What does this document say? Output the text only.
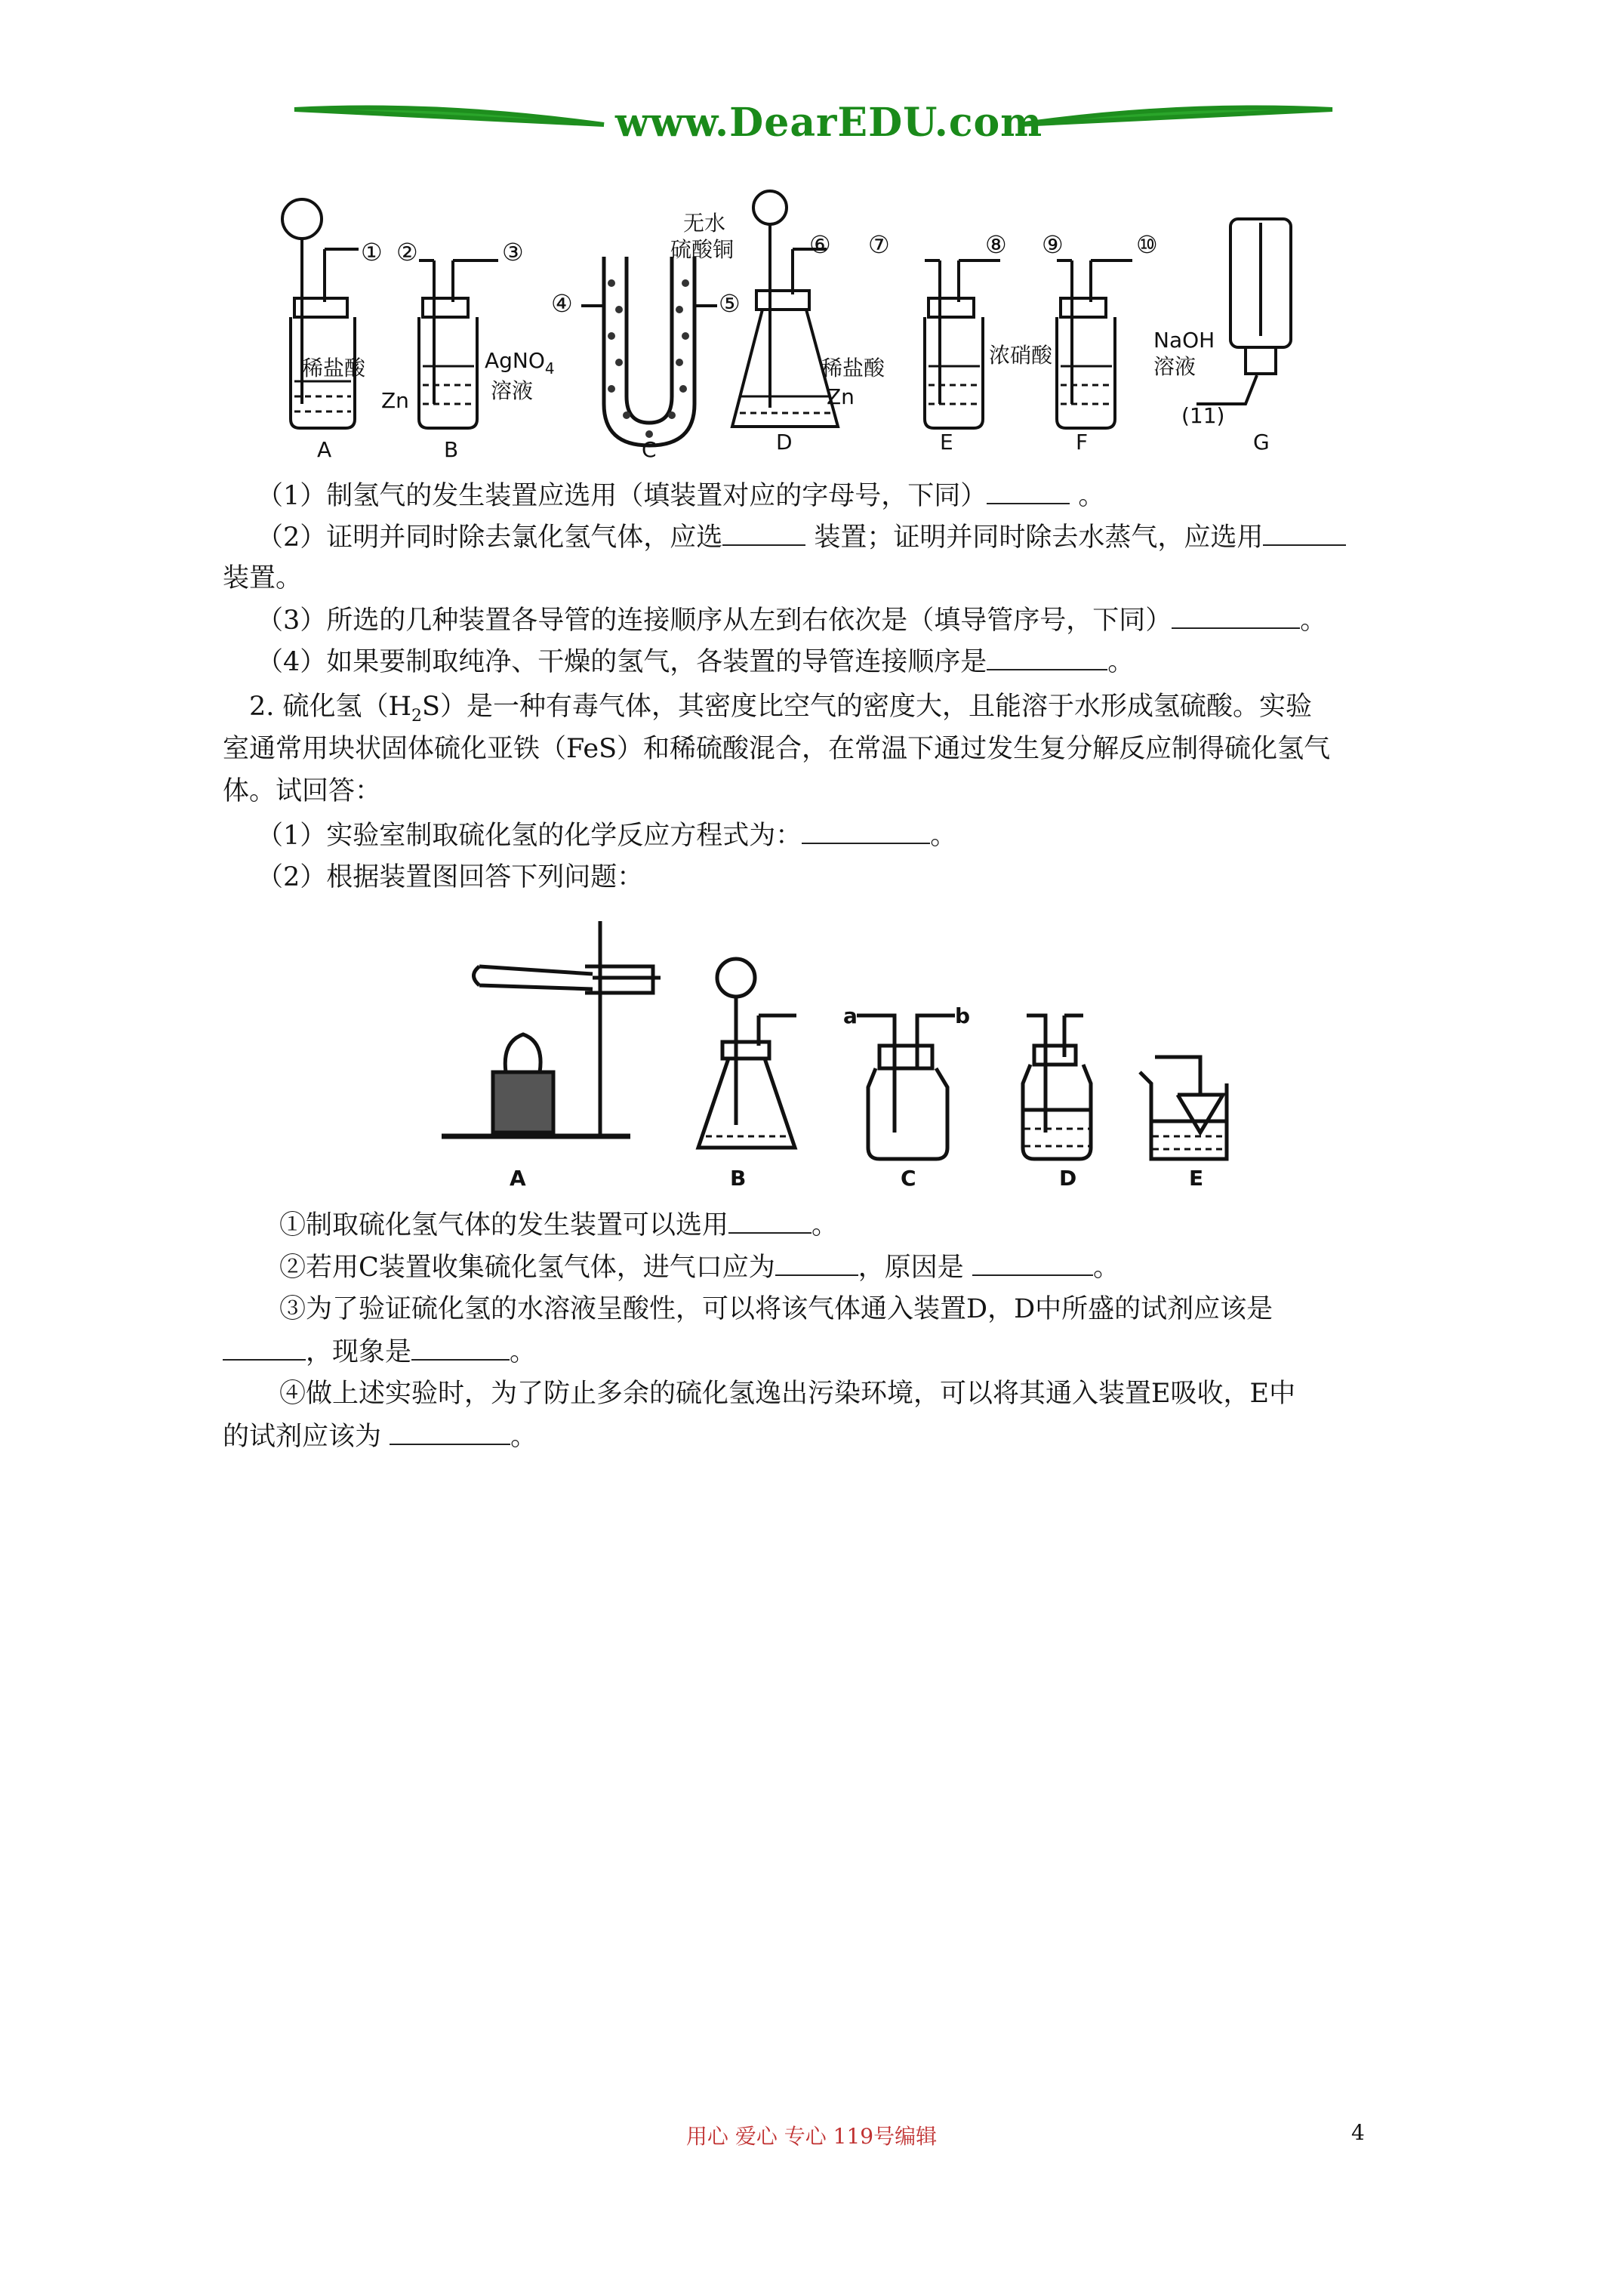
www.DearEDU.com
① ②	③
④	⑤
无水
硫酸铜	⑥ ⑦	⑧ ⑨	⑩
(11)
稀盐酸
Zn
AgNO$_4$
溶液
稀盐酸
Zn
浓硝酸
NaOH
溶液
A	B	C	D	E	F	G
（1）制氢气的发生装置应选用（填装置对应的字母号，下同）	。
（2）证明并同时除去氯化氢气体，应选	装置；证明并同时除去水蒸气，应选用
装置。
（3）所选的几种装置各导管的连接顺序从左到右依次是（填导管序号，下同）	。
（4）如果要制取纯净、干燥的氢气，各装置的导管连接顺序是	。
2. 硫化氢$(H_2S)$是一种有毒气体，其密度比空气的密度大，且能溶于水形成氢硫酸。实验
室通常用块状固体硫化亚铁（FeS）和稀硫酸混合，在常温下通过发生复分解反应制得硫化氢气
体。试回答：
（1）实验室制取硫化氢的化学反应方程式为：	。
（2）根据装置图回答下列问题：
a	b
A	B	C	D	E
①制取硫化氢气体的发生装置可以选用	。
②若用C装置收集硫化氢气体，进气口应为	，原因是	。
③为了验证硫化氢的水溶液呈酸性，可以将该气体通入装置D，D中所盛的试剂应该是
，现象是	。
④做上述实验时，为了防止多余的硫化氢逸出污染环境，可以将其通入装置E吸收，E中
的试剂应该为	。
用心 爱心 专心 119号编辑	4
